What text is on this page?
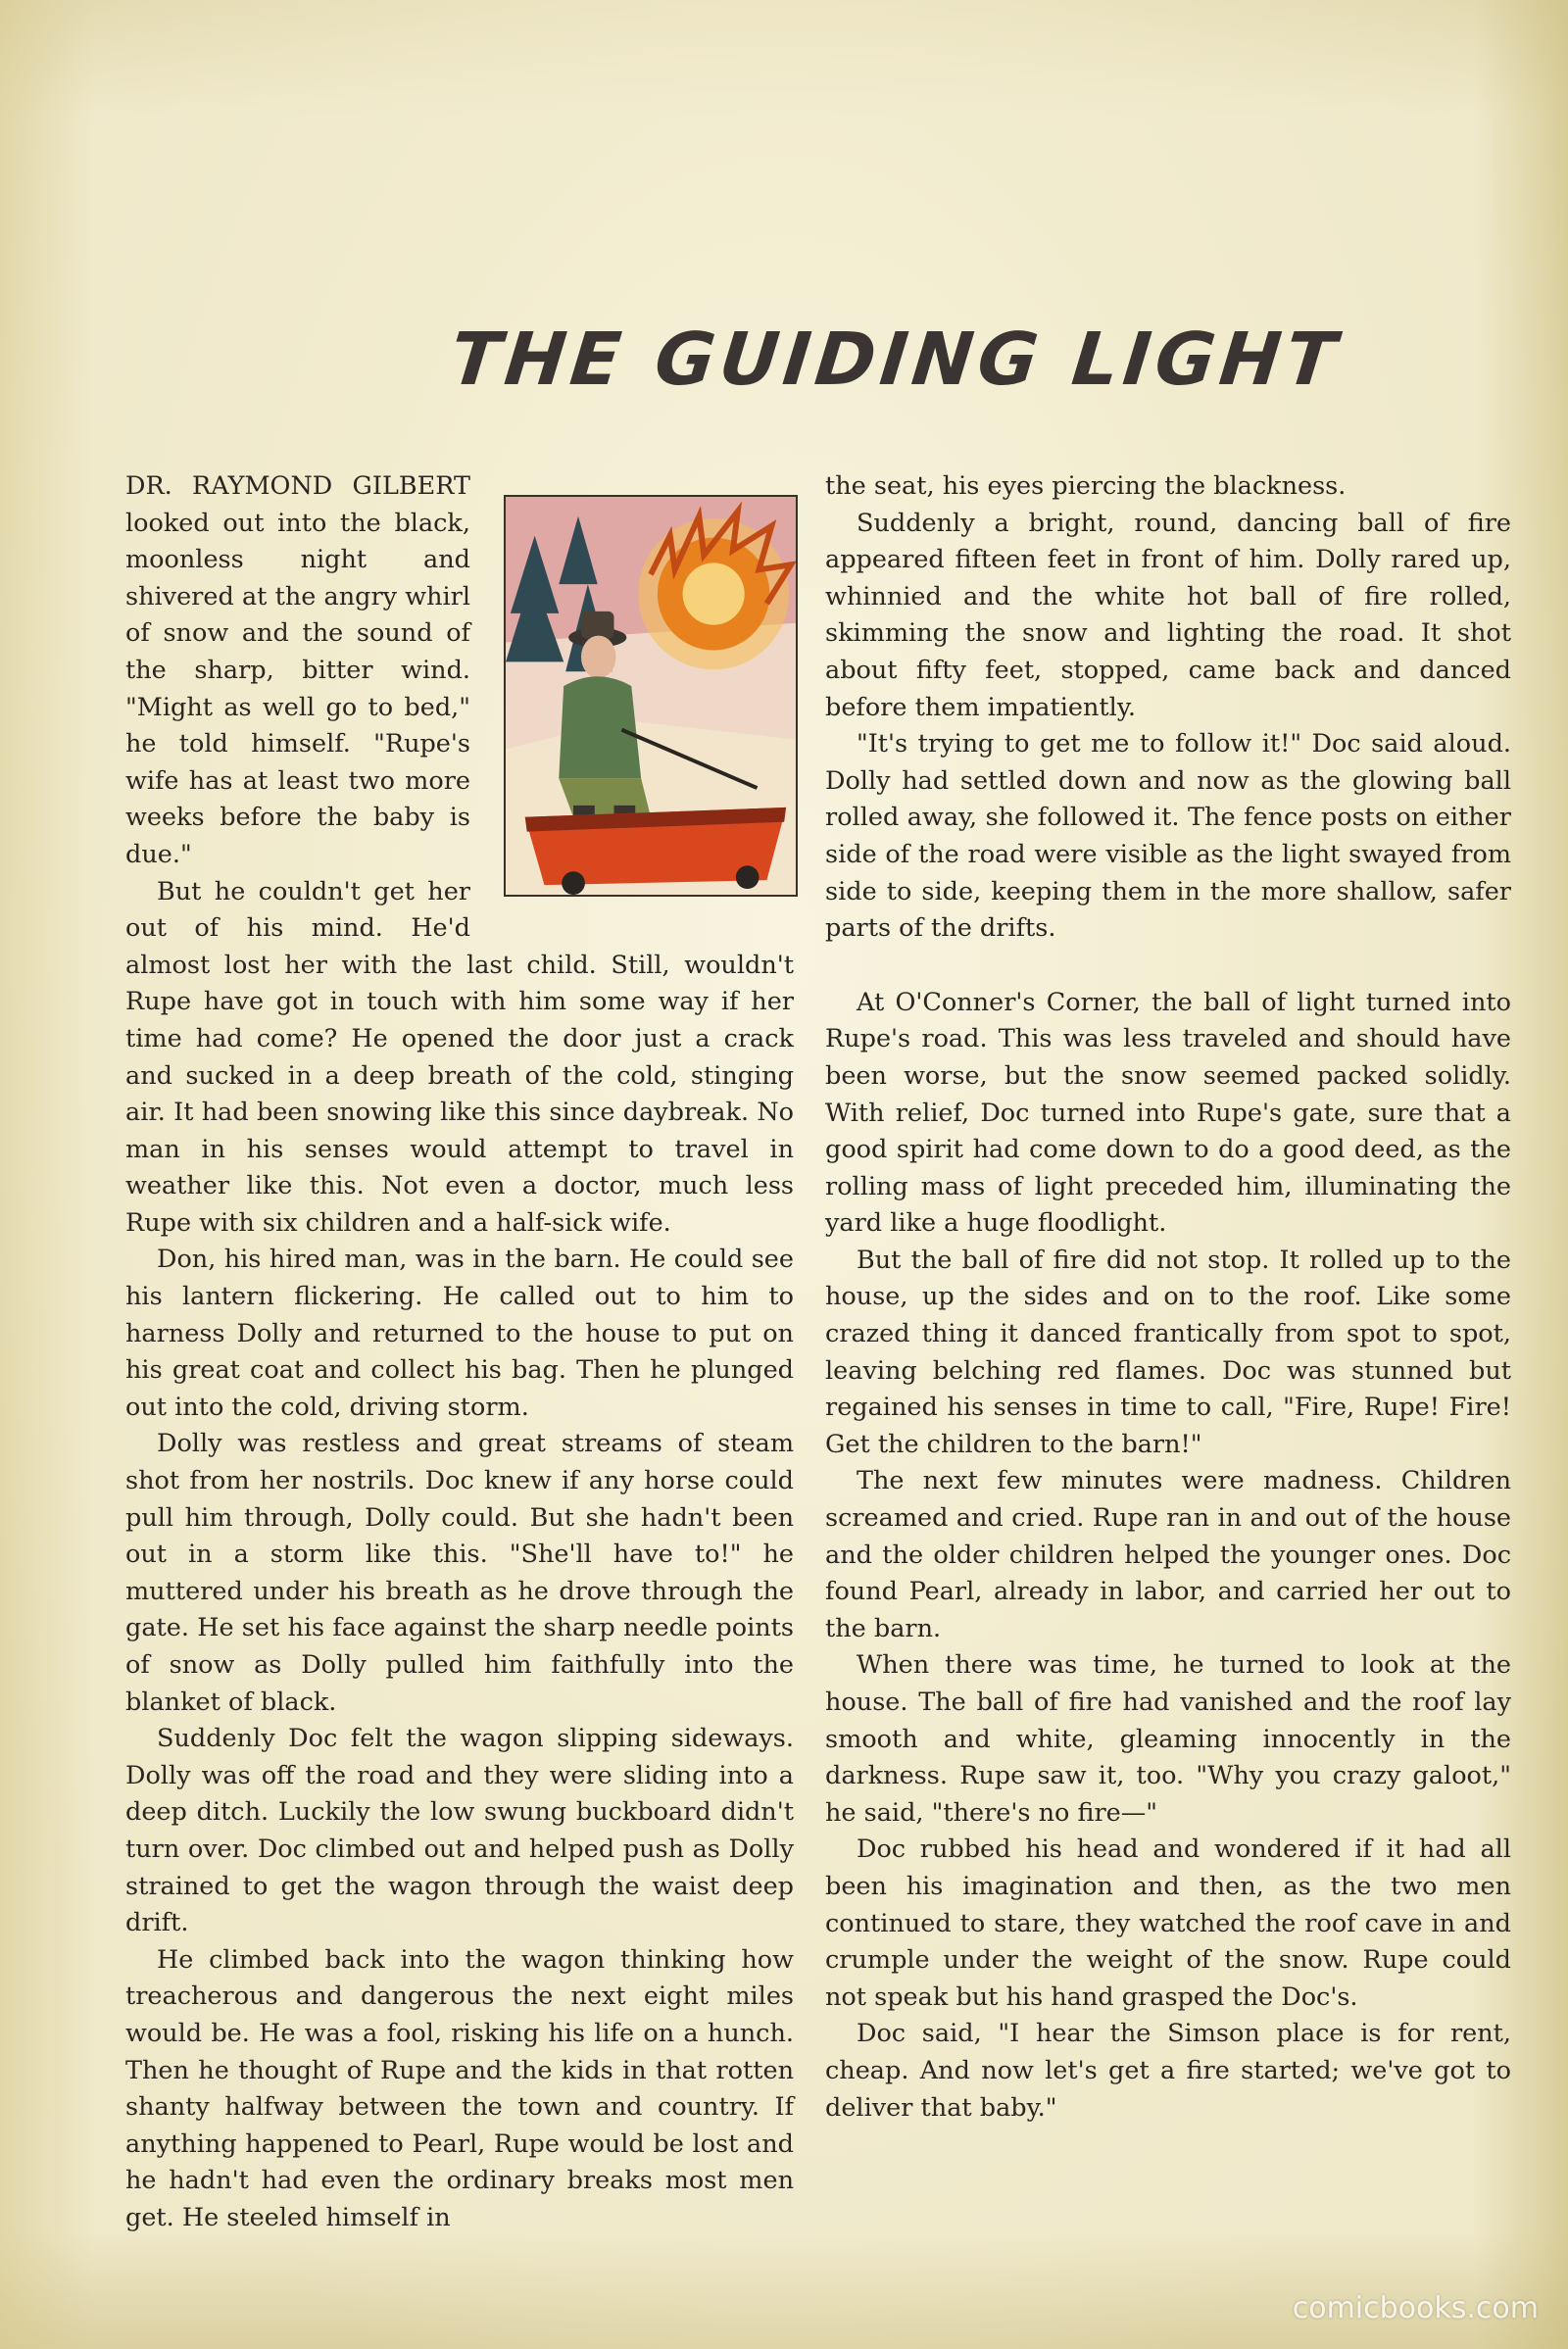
THE GUIDING LIGHT

DR. RAYMOND GILBERT looked out into the black, moonless night and shivered at the angry whirl of snow and the sound of the sharp, bitter wind. "Might as well go to bed," he told himself. "Rupe's wife has at least two more weeks before the baby is due."

But he couldn't get her out of his mind. He'd almost lost her with the last child. Still, wouldn't Rupe have got in touch with him some way if her time had come? He opened the door just a crack and sucked in a deep breath of the cold, stinging air. It had been snowing like this since daybreak. No man in his senses would attempt to travel in weather like this. Not even a doctor, much less Rupe with six children and a half-sick wife.

Don, his hired man, was in the barn. He could see his lantern flickering. He called out to him to harness Dolly and returned to the house to put on his great coat and collect his bag. Then he plunged out into the cold, driving storm.

Dolly was restless and great streams of steam shot from her nostrils. Doc knew if any horse could pull him through, Dolly could. But she hadn't been out in a storm like this. "She'll have to!" he muttered under his breath as he drove through the gate. He set his face against the sharp needle points of snow as Dolly pulled him faithfully into the blanket of black.

Suddenly Doc felt the wagon slipping sideways. Dolly was off the road and they were sliding into a deep ditch. Luckily the low swung buckboard didn't turn over. Doc climbed out and helped push as Dolly strained to get the wagon through the waist deep drift.

He climbed back into the wagon thinking how treacherous and dangerous the next eight miles would be. He was a fool, risking his life on a hunch. Then he thought of Rupe and the kids in that rotten shanty halfway between the town and country. If anything happened to Pearl, Rupe would be lost and he hadn't had even the ordinary breaks most men get. He steeled himself in

the seat, his eyes piercing the blackness.

Suddenly a bright, round, dancing ball of fire appeared fifteen feet in front of him. Dolly rared up, whinnied and the white hot ball of fire rolled, skimming the snow and lighting the road. It shot about fifty feet, stopped, came back and danced before them impatiently.

"It's trying to get me to follow it!" Doc said aloud. Dolly had settled down and now as the glowing ball rolled away, she followed it. The fence posts on either side of the road were visible as the light swayed from side to side, keeping them in the more shallow, safer parts of the drifts.

At O'Conner's Corner, the ball of light turned into Rupe's road. This was less traveled and should have been worse, but the snow seemed packed solidly. With relief, Doc turned into Rupe's gate, sure that a good spirit had come down to do a good deed, as the rolling mass of light preceded him, illuminating the yard like a huge floodlight.

But the ball of fire did not stop. It rolled up to the house, up the sides and on to the roof. Like some crazed thing it danced frantically from spot to spot, leaving belching red flames. Doc was stunned but regained his senses in time to call, "Fire, Rupe! Fire! Get the children to the barn!"

The next few minutes were madness. Children screamed and cried. Rupe ran in and out of the house and the older children helped the younger ones. Doc found Pearl, already in labor, and carried her out to the barn.

When there was time, he turned to look at the house. The ball of fire had vanished and the roof lay smooth and white, gleaming innocently in the darkness. Rupe saw it, too. "Why you crazy galoot," he said, "there's no fire—"

Doc rubbed his head and wondered if it had all been his imagination and then, as the two men continued to stare, they watched the roof cave in and crumple under the weight of the snow. Rupe could not speak but his hand grasped the Doc's.

Doc said, "I hear the Simson place is for rent, cheap. And now let's get a fire started; we've got to deliver that baby."

comicbooks.com
